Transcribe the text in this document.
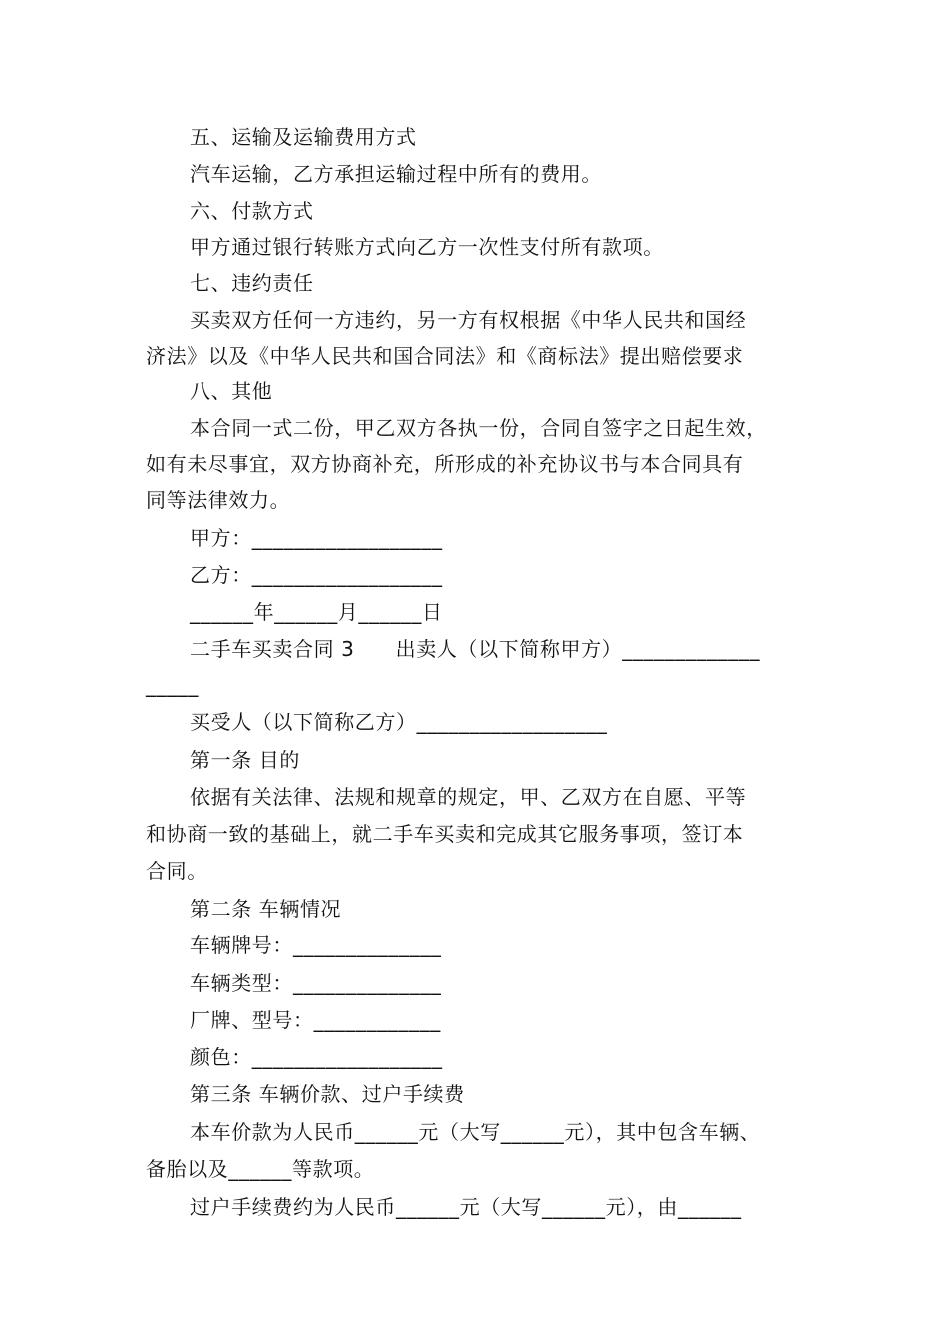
五、运输及运输费用方式
汽车运输，乙方承担运输过程中所有的费用。
六、付款方式
甲方通过银行转账方式向乙方一次性支付所有款项。
七、违约责任
买卖双方任何一方违约，另一方有权根据《中华人民共和国经
济法》以及《中华人民共和国合同法》和《商标法》提出赔偿要求
八、其他
本合同一式二份，甲乙双方各执一份，合同自签字之日起生效，
如有未尽事宜，双方协商补充，所形成的补充协议书与本合同具有
同等法律效力。
甲方：__________________
乙方：__________________
______年______月______日
二手车买卖合同 3　　出卖人（以下简称甲方）_____________
_____
买受人（以下简称乙方）__________________
第一条 目的
依据有关法律、法规和规章的规定，甲、乙双方在自愿、平等
和协商一致的基础上，就二手车买卖和完成其它服务事项，签订本
合同。
第二条 车辆情况
车辆牌号：______________
车辆类型：______________
厂牌、型号：____________
颜色：__________________
第三条 车辆价款、过户手续费
本车价款为人民币______元（大写______元），其中包含车辆、
备胎以及______等款项。
过户手续费约为人民币______元（大写______元），由______
